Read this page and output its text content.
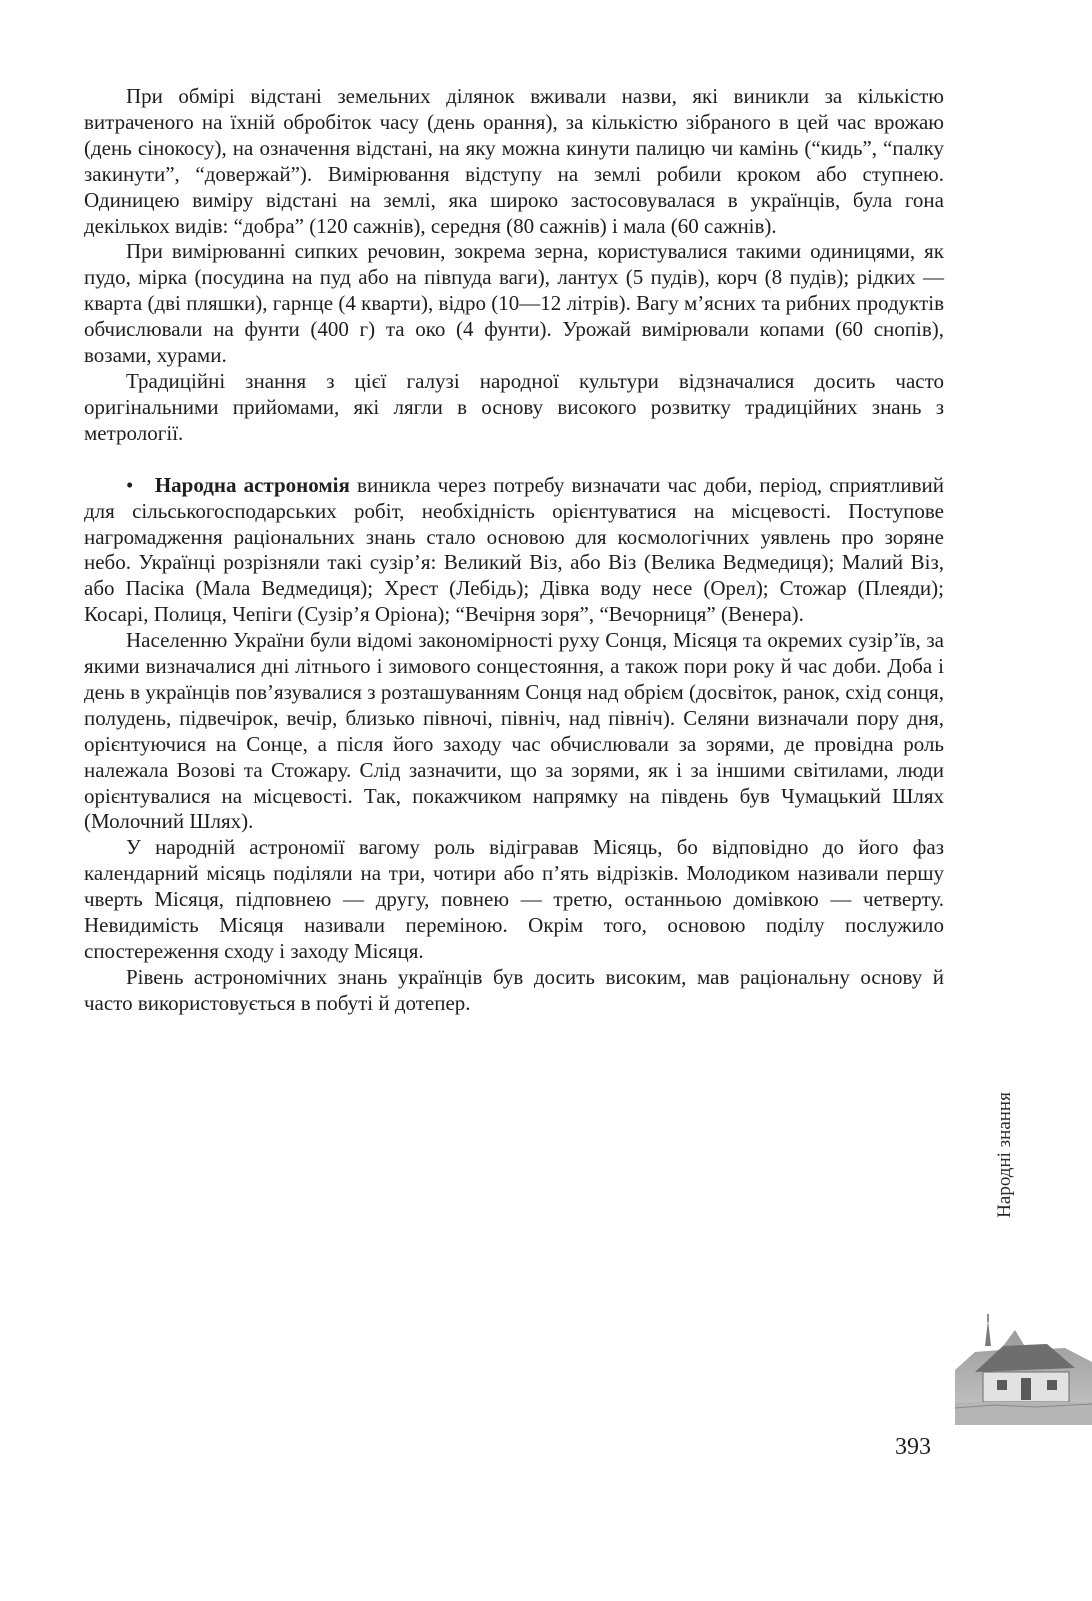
При обмірі відстані земельних ділянок вживали назви, які виникли за кількістю витраченого на їхній обробіток часу (день орання), за кількістю зібраного в цей час врожаю (день сінокосу), на означення відстані, на яку можна кинути палицю чи камінь (“кидь”, “палку закинути”, “довержай”). Вимірювання відступу на землі робили кроком або ступнею. Одиницею виміру відстані на землі, яка широко застосовувалася в українців, була гона декількох видів: “добра” (120 сажнів), середня (80 сажнів) і мала (60 сажнів).

При вимірюванні сипких речовин, зокрема зерна, користувалися такими одиницями, як пудо, мірка (посудина на пуд або на півпуда ваги), лантух (5 пудів), корч (8 пудів); рідких — кварта (дві пляшки), гарнце (4 кварти), відро (10—12 літрів). Вагу м’ясних та рибних продуктів обчислювали на фунти (400 г) та око (4 фунти). Урожай вимірювали копами (60 снопів), возами, хурами.

Традиційні знання з цієї галузі народної культури відзначалися досить часто оригінальними прийомами, які лягли в основу високого розвитку традиційних знань з метрології.

• Народна астрономія виникла через потребу визначати час доби, період, сприятливий для сільськогосподарських робіт, необхідність орієнтуватися на місцевості. Поступове нагромадження раціональних знань стало основою для космологічних уявлень про зоряне небо. Українці розрізняли такі сузір’я: Великий Віз, або Віз (Велика Ведмедиця); Малий Віз, або Пасіка (Мала Ведмедиця); Хрест (Лебідь); Дівка воду несе (Орел); Стожар (Плеяди); Косарі, Полиця, Чепіги (Сузір’я Оріона); “Вечірня зоря”, “Вечорниця” (Венера).

Населенню України були відомі закономірності руху Сонця, Місяця та окремих сузір’їв, за якими визначалися дні літнього і зимового сонцестояння, а також пори року й час доби. Доба і день в українців пов’язувалися з розташуванням Сонця над обрієм (досвіток, ранок, схід сонця, полудень, підвечірок, вечір, близько півночі, північ, над північ). Селяни визначали пору дня, орієнтуючися на Сонце, а після його заходу час обчислювали за зорями, де провідна роль належала Возові та Стожару. Слід зазначити, що за зорями, як і за іншими світилами, люди орієнтувалися на місцевості. Так, покажчиком напрямку на південь був Чумацький Шлях (Молочний Шлях).

У народній астрономії вагому роль відігравав Місяць, бо відповідно до його фаз календарний місяць поділяли на три, чотири або п’ять відрізків. Молодиком називали першу чверть Місяця, підповнею — другу, повнею — третю, останньою домівкою — четверту. Невидимість Місяця називали переміною. Окрім того, основою поділу послужило спостереження сходу і заходу Місяця.

Рівень астрономічних знань українців був досить високим, мав раціональну основу й часто використовується в побуті й дотепер.

Народні знання
393
